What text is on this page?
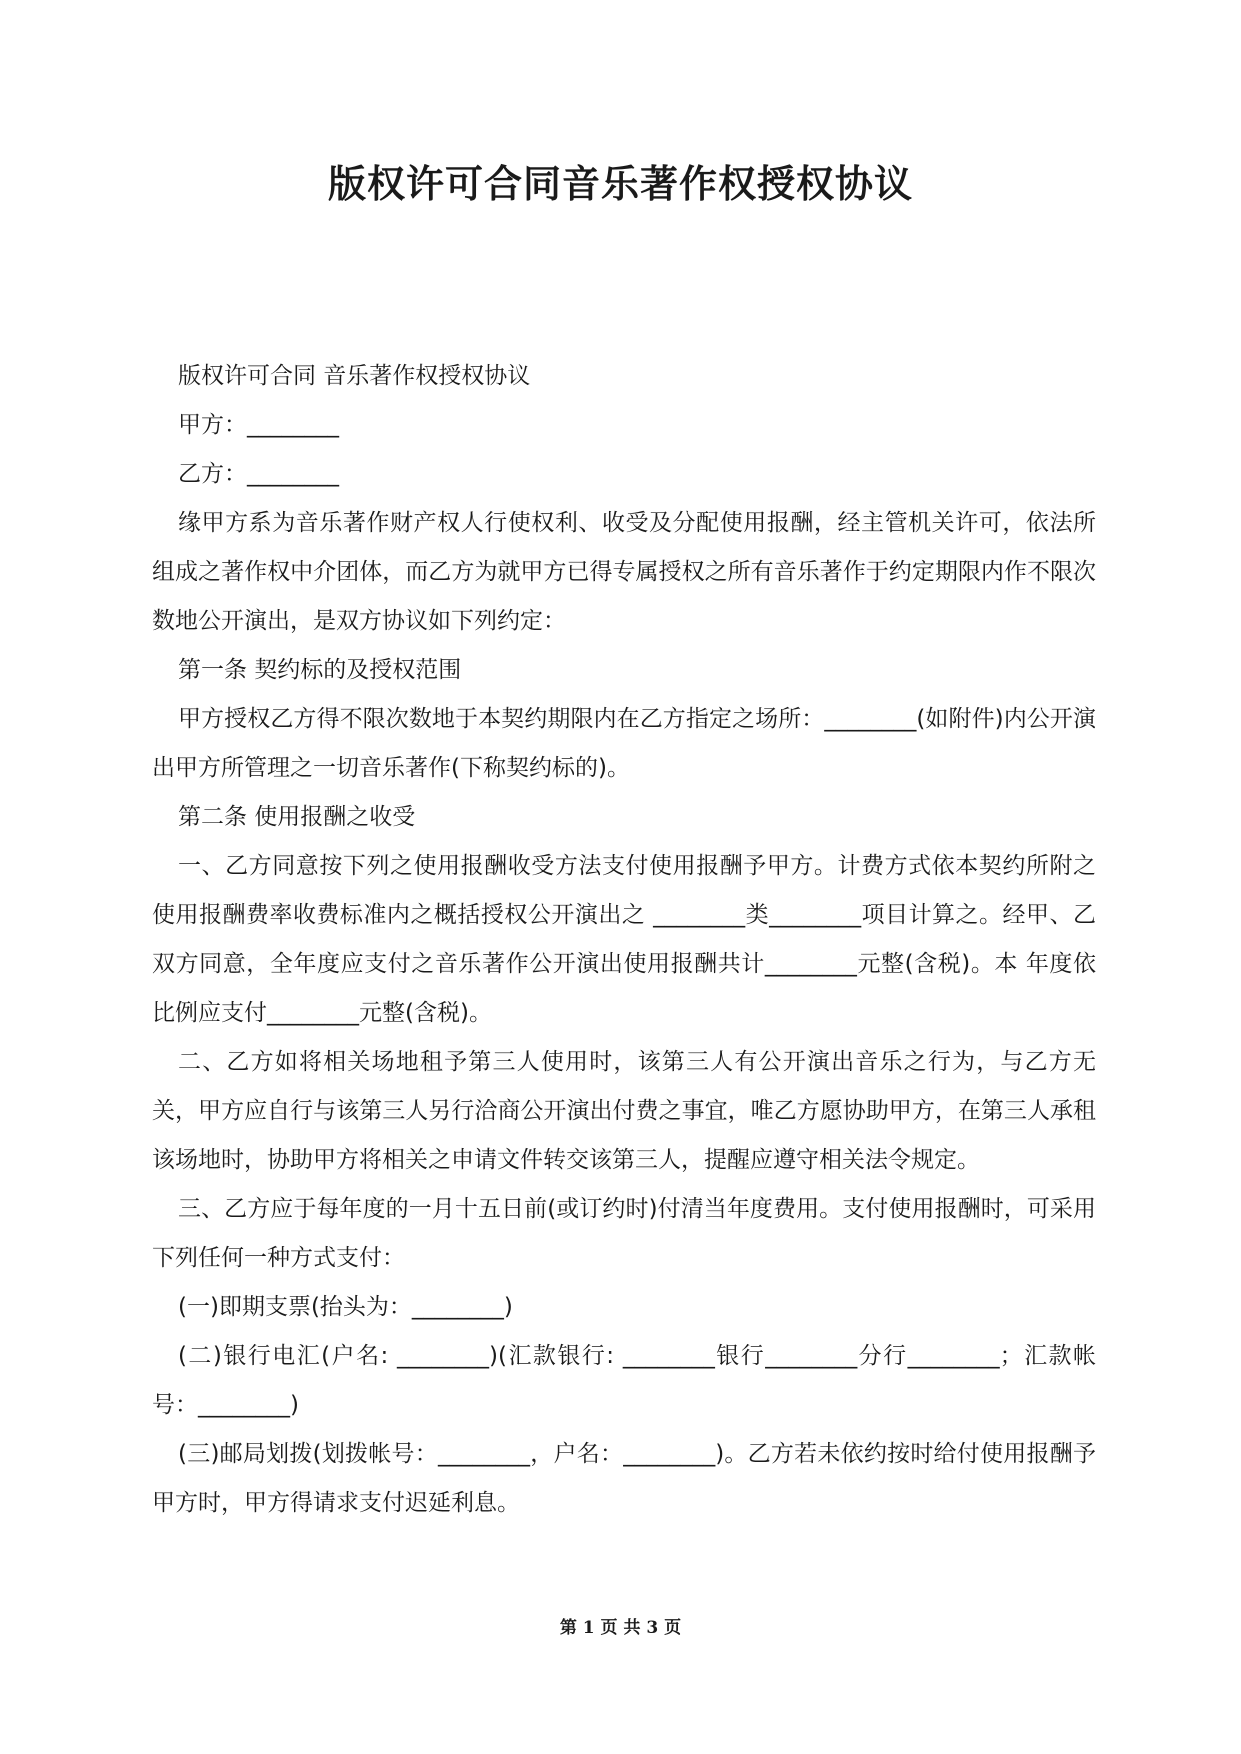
版权许可合同音乐著作权授权协议

版权许可合同 音乐著作权授权协议

甲方：________

乙方：________

缘甲方系为音乐著作财产权人行使权利、收受及分配使用报酬，经主管机关许可，依法所组成之著作权中介团体，而乙方为就甲方已得专属授权之所有音乐著作于约定期限内作不限次数地公开演出，是双方协议如下列约定：

第一条 契约标的及授权范围

甲方授权乙方得不限次数地于本契约期限内在乙方指定之场所：________(如附件)内公开演出甲方所管理之一切音乐著作(下称契约标的)。

第二条 使用报酬之收受

一、乙方同意按下列之使用报酬收受方法支付使用报酬予甲方。计费方式依本契约所附之使用报酬费率收费标准内之概括授权公开演出之 ________类________项目计算之。经甲、乙双方同意，全年度应支付之音乐著作公开演出使用报酬共计________元整(含税)。本 年度依比例应支付________元整(含税)。

二、乙方如将相关场地租予第三人使用时，该第三人有公开演出音乐之行为，与乙方无关，甲方应自行与该第三人另行洽商公开演出付费之事宜，唯乙方愿协助甲方，在第三人承租该场地时，协助甲方将相关之申请文件转交该第三人，提醒应遵守相关法令规定。

三、乙方应于每年度的一月十五日前(或订约时)付清当年度费用。支付使用报酬时，可采用下列任何一种方式支付：

(一)即期支票(抬头为：________)

(二)银行电汇(户名: ________)(汇款银行: ________银行________分行________；汇款帐号：________)

(三)邮局划拨(划拨帐号：________，户名：________)。乙方若未依约按时给付使用报酬予甲方时，甲方得请求支付迟延利息。

第 1 页 共 3 页
